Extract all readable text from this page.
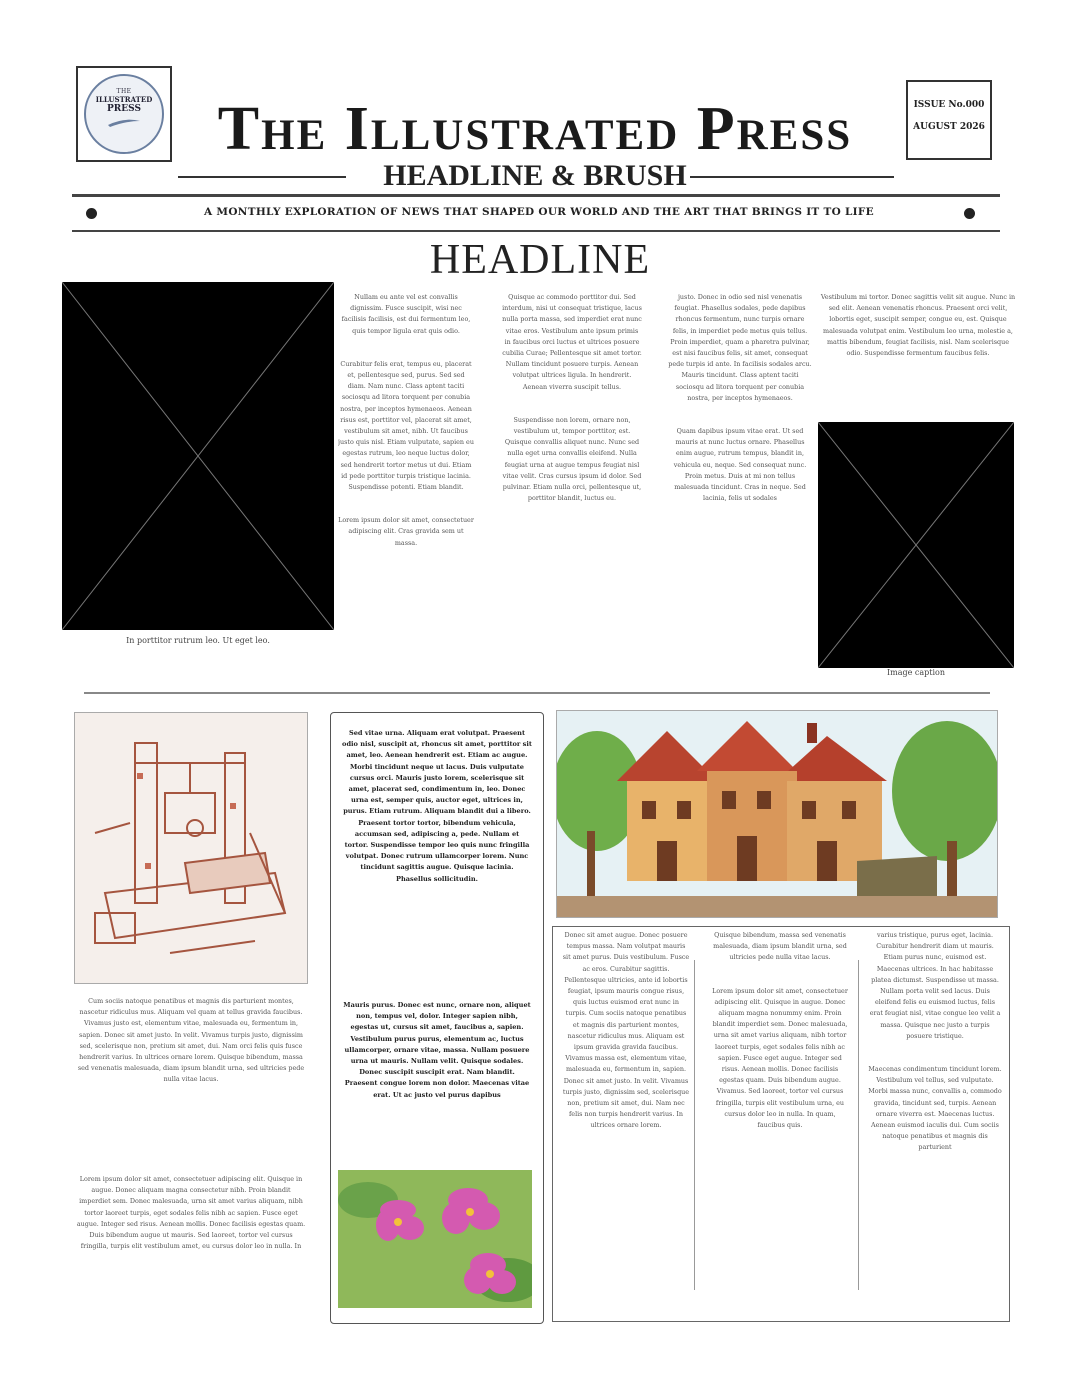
THE
ILLUSTRATED
PRESS	The Illustrated Press
HEADLINE & BRUSH
ISSUE No.000
AUGUST 2026
A MONTHLY EXPLORATION OF NEWS THAT SHAPED OUR WORLD AND THE ART THAT BRINGS IT TO LIFE
HEADLINE
In porttitor rutrum leo. Ut eget leo.

Nullam eu ante vel est convallis dignissim. Fusce suscipit, wisi nec facilisis facilisis, est dui fermentum leo, quis tempor ligula erat quis odio.

Curabitur felis erat, tempus eu, placerat et, pellentesque sed, purus. Sed sed diam. Nam nunc. Class aptent taciti sociosqu ad litora torquent per conubia nostra, per inceptos hymenaeos. Aenean risus est, porttitor vel, placerat sit amet, vestibulum sit amet, nibh. Ut faucibus justo quis nisl. Etiam vulputate, sapien eu egestas rutrum, leo neque luctus dolor, sed hendrerit tortor metus ut dui. Etiam id pede porttitor turpis tristique lacinia. Suspendisse potenti. Etiam blandit.

Lorem ipsum dolor sit amet, consectetuer adipiscing elit. Cras gravida sem ut massa.

Quisque ac commodo porttitor dui. Sed interdum, nisi ut consequat tristique, lacus nulla porta massa, sed imperdiet erat nunc vitae eros. Vestibulum ante ipsum primis in faucibus orci luctus et ultrices posuere cubilia Curae; Pellentesque sit amet tortor. Nullam tincidunt posuere turpis. Aenean volutpat ultrices ligula. In hendrerit. Aenean viverra suscipit tellus.

Suspendisse non lorem, ornare non, vestibulum ut, tempor porttitor, est. Quisque convallis aliquet nunc. Nunc sed nulla eget urna convallis eleifend. Nulla feugiat urna at augue tempus feugiat nisl vitae velit. Cras cursus ipsum id dolor. Sed pulvinar. Etiam nulla orci, pellentesque ut, porttitor blandit, luctus eu.

justo. Donec in odio sed nisl venenatis feugiat. Phasellus sodales, pede dapibus rhoncus fermentum, nunc turpis ornare felis, in imperdiet pede metus quis tellus. Proin imperdiet, quam a pharetra pulvinar, est nisi faucibus felis, sit amet, consequat pede turpis id ante. In facilisis sodales arcu. Mauris tincidunt. Class aptent taciti sociosqu ad litora torquent per conubia nostra, per inceptos hymenaeos.

Quam dapibus ipsum vitae erat. Ut sed mauris at nunc luctus ornare. Phasellus enim augue, rutrum tempus, blandit in, vehicula eu, neque. Sed consequat nunc. Proin metus. Duis at mi non tellus malesuada tincidunt. Cras in neque. Sed lacinia, felis ut sodales

Vestibulum mi tortor. Donec sagittis velit sit augue. Nunc in sed elit. Aenean venenatis rhoncus. Praesent orci velit, lobortis eget, suscipit semper, congue eu, est. Quisque malesuada volutpat enim. Vestibulum leo urna, molestie a, mattis bibendum, feugiat facilisis, nisl. Nam scelerisque odio. Suspendisse fermentum faucibus felis.

Image caption
Cum sociis natoque penatibus et magnis dis parturient montes, nascetur ridiculus mus. Aliquam vel quam at tellus gravida faucibus. Vivamus justo est, elementum vitae, malesuada eu, fermentum in, sapien. Donec sit amet justo. In velit. Vivamus turpis justo, dignissim sed, scelerisque non, pretium sit amet, dui. Nam orci felis quis fusce hendrerit varius. In ultrices ornare lorem. Quisque bibendum, massa sed venenatis malesuada, diam ipsum blandit urna, sed ultricies pede nulla vitae lacus.
Lorem ipsum dolor sit amet, consectetuer adipiscing elit. Quisque in augue. Donec aliquam magna consectetur nibh. Proin blandit imperdiet sem. Donec malesuada, urna sit amet varius aliquam, nibh tortor laoreet turpis, eget sodales felis nibh ac sapien. Fusce eget augue. Integer sed risus. Aenean mollis. Donec facilisis egestas quam. Duis bibendum augue ut mauris. Sed laoreet, tortor vel cursus fringilla, turpis elit vestibulum amet, eu cursus dolor leo in nulla. In
Sed vitae urna. Aliquam erat volutpat. Praesent odio nisl, suscipit at, rhoncus sit amet, porttitor sit amet, leo. Aenean hendrerit est. Etiam ac augue. Morbi tincidunt neque ut lacus. Duis vulputate cursus orci. Mauris justo lorem, scelerisque sit amet, placerat sed, condimentum in, leo. Donec urna est, semper quis, auctor eget, ultrices in, purus. Etiam rutrum. Aliquam blandit dui a libero. Praesent tortor tortor, bibendum vehicula, accumsan sed, adipiscing a, pede. Nullam et tortor. Suspendisse tempor leo quis nunc fringilla volutpat. Donec rutrum ullamcorper lorem. Nunc tincidunt sagittis augue. Quisque lacinia. Phasellus sollicitudin.
Mauris purus. Donec est nunc, ornare non, aliquet non, tempus vel, dolor. Integer sapien nibh, egestas ut, cursus sit amet, faucibus a, sapien. Vestibulum purus purus, elementum ac, luctus ullamcorper, ornare vitae, massa. Nullam posuere urna ut mauris. Nullam velit. Quisque sodales. Donec suscipit suscipit erat. Nam blandit. Praesent congue lorem non dolor. Maecenas vitae erat. Ut ac justo vel purus dapibus
Donec sit amet augue. Donec posuere tempus massa. Nam volutpat mauris sit amet purus. Duis vestibulum. Fusce ac eros. Curabitur sagittis. Pellentesque ultricies, ante id lobortis feugiat, ipsum mauris congue risus, quis luctus euismod erat nunc in turpis. Cum sociis natoque penatibus et magnis dis parturient montes, nascetur ridiculus mus. Aliquam est ipsum gravida gravida faucibus. Vivamus massa est, elementum vitae, malesuada eu, fermentum in, sapien. Donec sit amet justo. In velit. Vivamus turpis justo, dignissim sed, scelerisque non, pretium sit amet, dui. Nam nec felis non turpis hendrerit varius. In ultrices ornare lorem.

Quisque bibendum, massa sed venenatis malesuada, diam ipsum blandit urna, sed ultricies pede nulla vitae lacus.

Lorem ipsum dolor sit amet, consectetuer adipiscing elit. Quisque in augue. Donec aliquam magna nonummy enim. Proin blandit imperdiet sem. Donec malesuada, urna sit amet varius aliquam, nibh tortor laoreet turpis, eget sodales felis nibh ac sapien. Fusce eget augue. Integer sed risus. Aenean mollis. Donec facilisis egestas quam. Duis bibendum augue. Vivamus. Sed laoreet, tortor vel cursus fringilla, turpis elit vestibulum urna, eu cursus dolor leo in nulla. In quam, faucibus quis.

varius tristique, purus eget, lacinia. Curabitur hendrerit diam ut mauris. Etiam purus nunc, euismod est. Maecenas ultrices. In hac habitasse platea dictumst. Suspendisse ut massa. Nullam porta velit sed lacus. Duis eleifend felis eu euismod luctus, felis erat feugiat nisl, vitae congue leo velit a massa. Quisque nec justo a turpis posuere tristique.

Maecenas condimentum tincidunt lorem. Vestibulum vel tellus, sed vulputate. Morbi massa nunc, convallis a, commodo gravida, tincidunt sed, turpis. Aenean ornare viverra est. Maecenas luctus. Aenean euismod iaculis dui. Cum sociis natoque penatibus et magnis dis parturient
